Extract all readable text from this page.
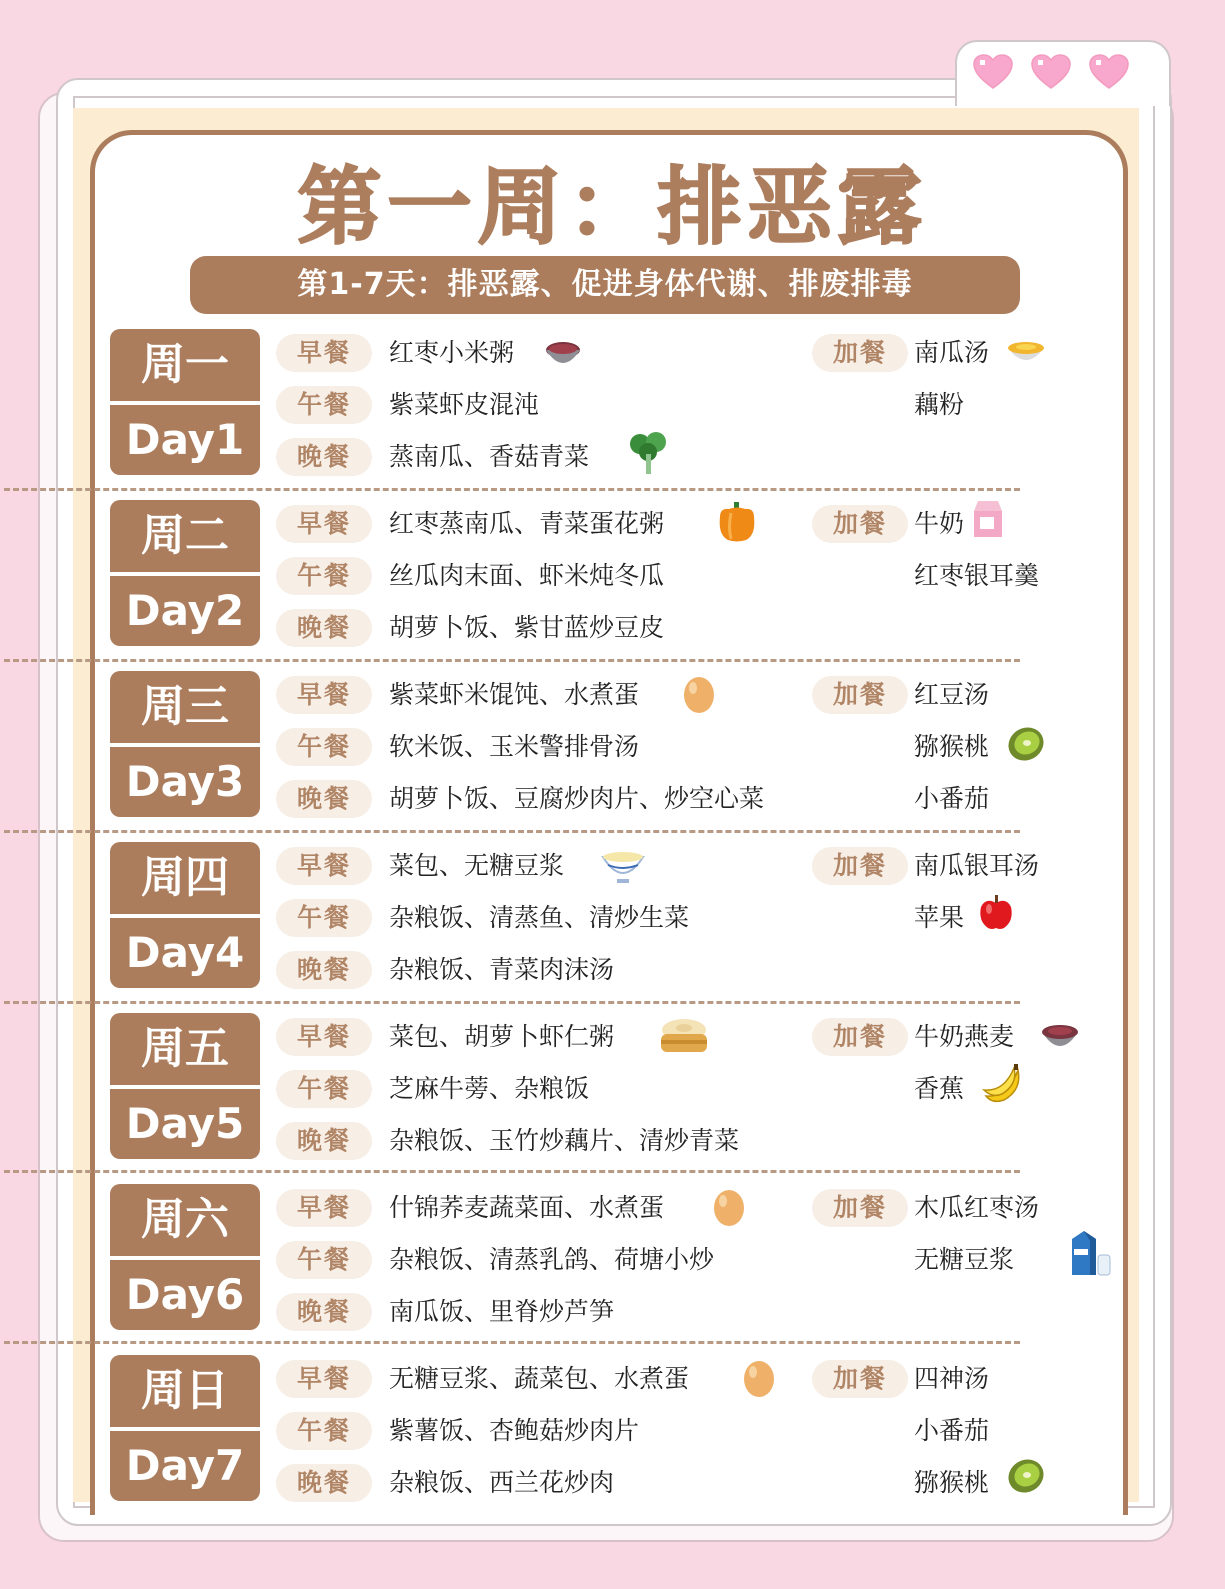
第一周：排恶露
第1-7天：排恶露、促进身体代谢、排废排毒
周一
Day1
早餐
午餐
晚餐
加餐
红枣小米粥
紫菜虾皮混沌
蒸南瓜、香菇青菜
南瓜汤
藕粉
周二
Day2
早餐
午餐
晚餐
加餐
红枣蒸南瓜、青菜蛋花粥
丝瓜肉末面、虾米炖冬瓜
胡萝卜饭、紫甘蓝炒豆皮
牛奶
红枣银耳羹
周三
Day3
早餐
午餐
晚餐
加餐
紫菜虾米馄饨、水煮蛋
软米饭、玉米警排骨汤
胡萝卜饭、豆腐炒肉片、炒空心菜
红豆汤
猕猴桃
小番茄
周四
Day4
早餐
午餐
晚餐
加餐
菜包、无糖豆浆
杂粮饭、清蒸鱼、清炒生菜
杂粮饭、青菜肉沫汤
南瓜银耳汤
苹果
周五
Day5
早餐
午餐
晚餐
加餐
菜包、胡萝卜虾仁粥
芝麻牛蒡、杂粮饭
杂粮饭、玉竹炒藕片、清炒青菜
牛奶燕麦
香蕉
周六
Day6
早餐
午餐
晚餐
加餐
什锦荞麦蔬菜面、水煮蛋
杂粮饭、清蒸乳鸽、荷塘小炒
南瓜饭、里脊炒芦笋
木瓜红枣汤
无糖豆浆
周日
Day7
早餐
午餐
晚餐
加餐
无糖豆浆、蔬菜包、水煮蛋
紫薯饭、杏鲍菇炒肉片
杂粮饭、西兰花炒肉
四神汤
小番茄
猕猴桃
